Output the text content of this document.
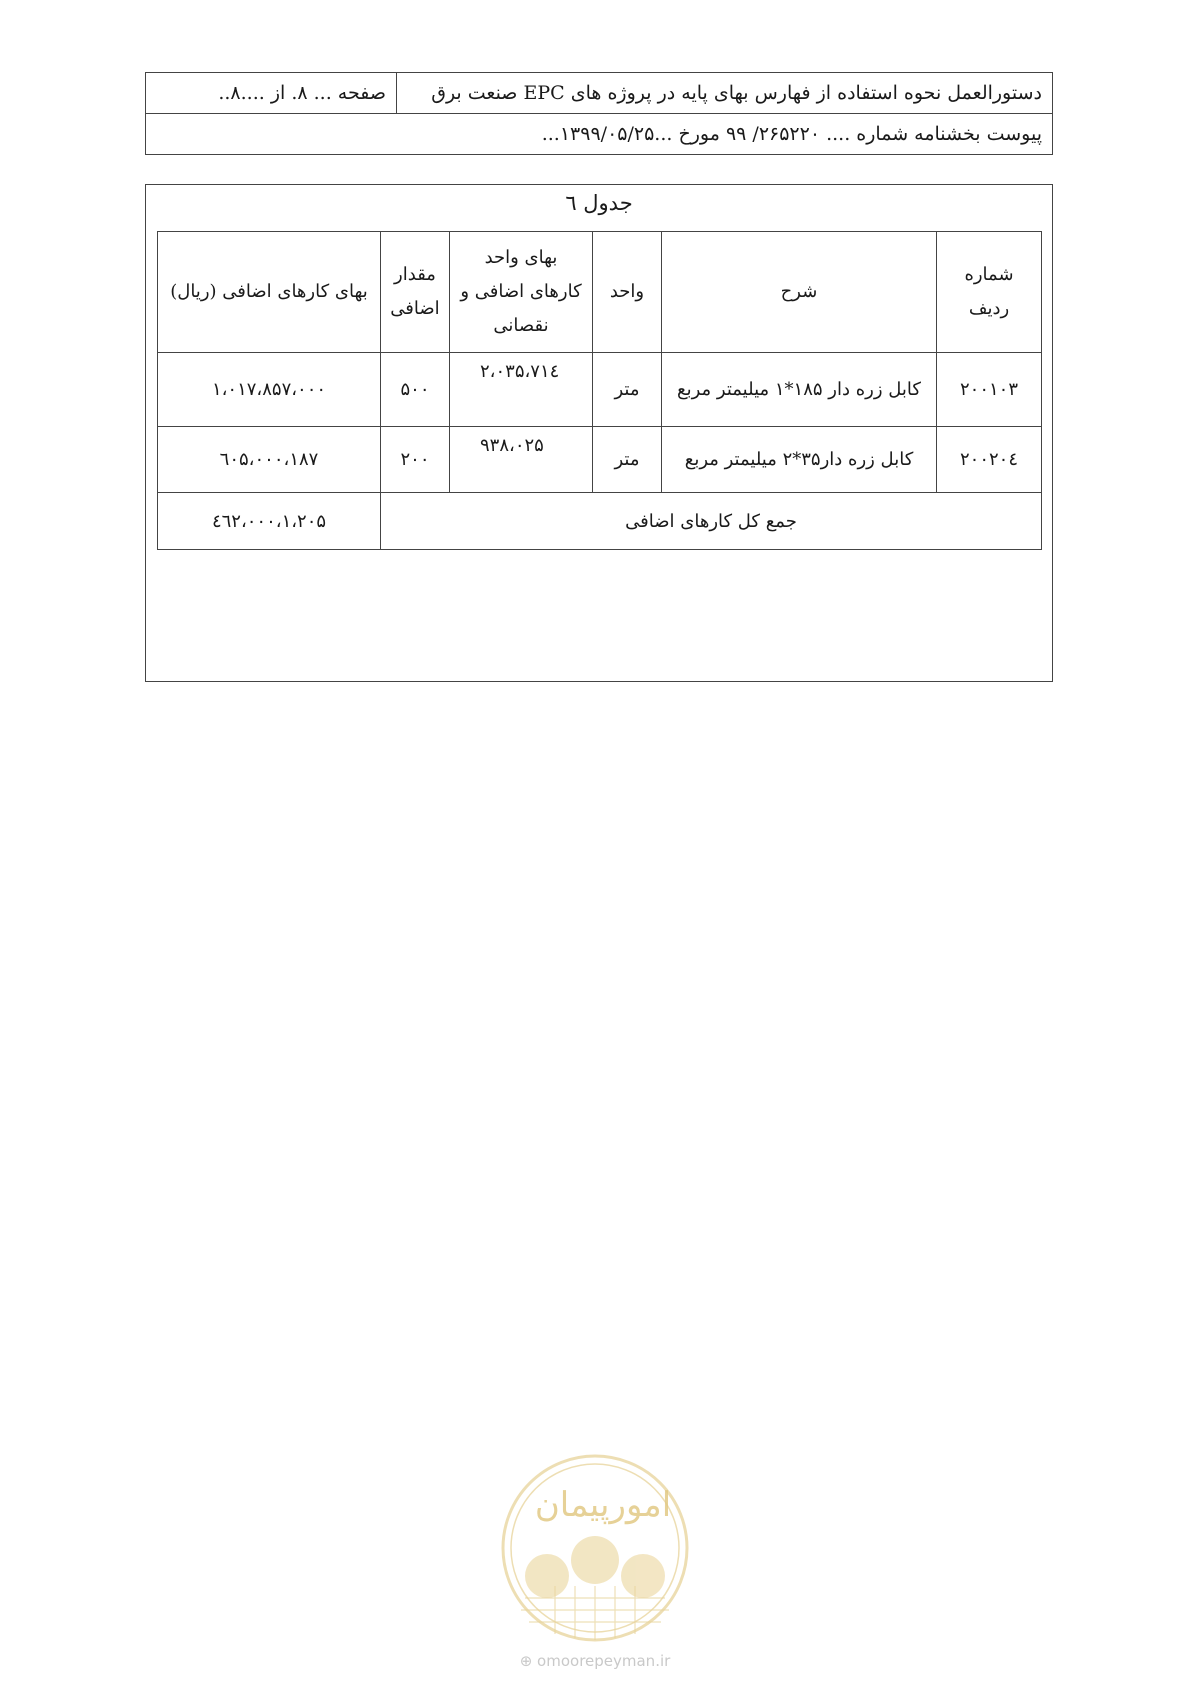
دستورالعمل نحوه استفاده از فهارس بهای پایه در پروژه های EPC صنعت برق	صفحه ... ۸. از ....۸..
پیوست بخشنامه شماره .... ۲۶۵۲۲۰/ ۹۹ مورخ ...۱۳۹۹/۰۵/۲۵...
جدول ٦
شماره ردیف	شرح	واحد	بهای واحد کارهای اضافی و نقصانی	مقدار اضافی	بهای کارهای اضافی (ریال)
۲۰۰۱۰۳	کابل زره دار ۱۸۵*۱ میلیمتر مربع	متر	۲،۰۳۵،۷۱٤	۵۰۰	۱،۰۱۷،۸۵۷،۰۰۰
۲۰۰۲۰٤	کابل زره دار۳۵*۲ میلیمتر مربع	متر	۹۳۸،۰۲۵	۲۰۰	۱۸۷،٦۰۵،۰۰۰
جمع کل کارهای اضافی					۱،۲۰۵،٤٦۲،۰۰۰
امورپیمان
⊕ omoorepeyman.ir
